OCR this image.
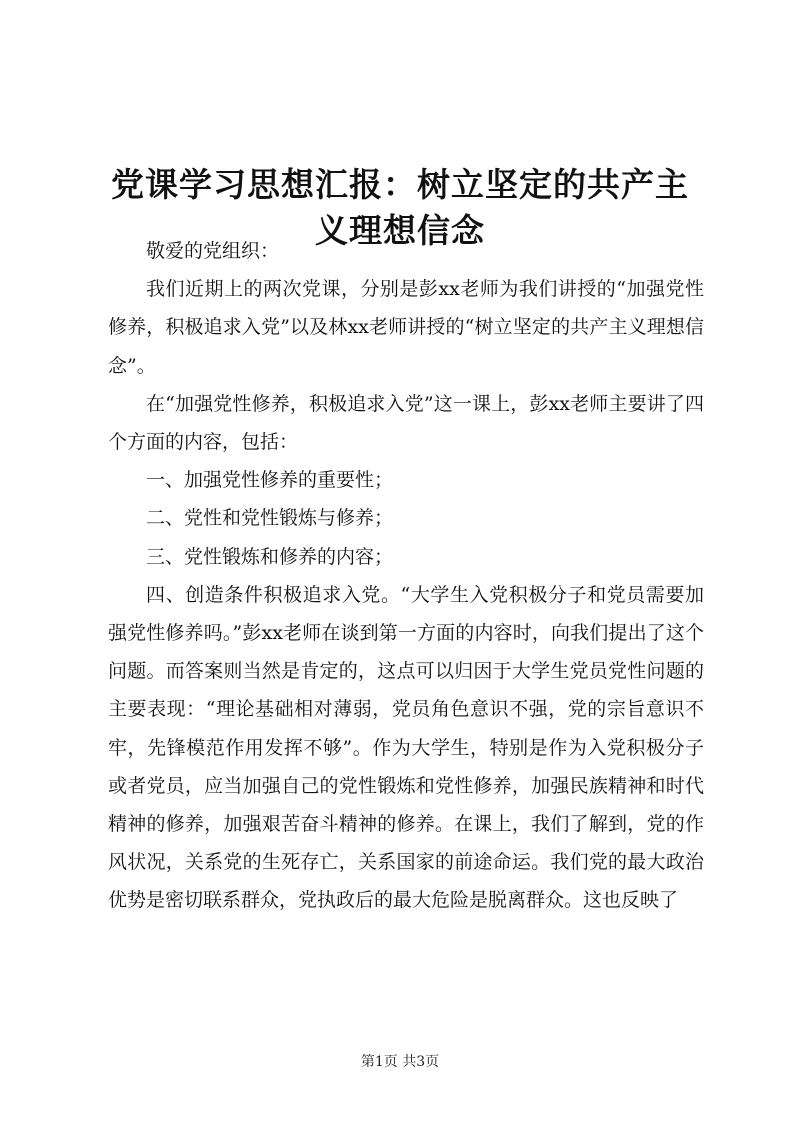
党课学习思想汇报：树立坚定的共产主义理想信念

敬爱的党组织：

我们近期上的两次党课，分别是彭xx老师为我们讲授的“加强党性修养，积极追求入党”以及林xx老师讲授的“树立坚定的共产主义理想信念”。

在“加强党性修养，积极追求入党”这一课上，彭xx老师主要讲了四个方面的内容，包括：

一、加强党性修养的重要性；

二、党性和党性锻炼与修养；

三、党性锻炼和修养的内容；

四、创造条件积极追求入党。“大学生入党积极分子和党员需要加强党性修养吗。”彭xx老师在谈到第一方面的内容时，向我们提出了这个问题。而答案则当然是肯定的，这点可以归因于大学生党员党性问题的主要表现：“理论基础相对薄弱，党员角色意识不强，党的宗旨意识不牢，先锋模范作用发挥不够”。作为大学生，特别是作为入党积极分子或者党员，应当加强自己的党性锻炼和党性修养，加强民族精神和时代精神的修养，加强艰苦奋斗精神的修养。在课上，我们了解到，党的作风状况，关系党的生死存亡，关系国家的前途命运。我们党的最大政治优势是密切联系群众，党执政后的最大危险是脱离群众。这也反映了

第1页 共3页
